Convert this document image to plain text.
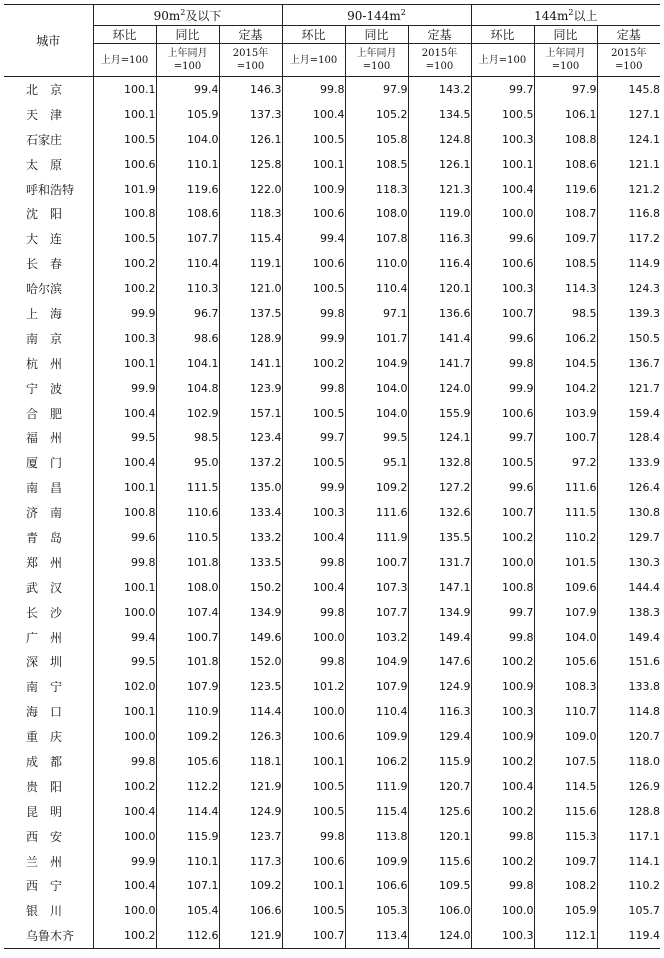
城市	$90m^2$及以下			$90-144m^2$			$144m^2$以上		
	环比	同比	定基	环比	同比	定基	环比	同比	定基
	上月=100	上年同月=100	2015年=100	上月=100	上年同月=100	2015年=100	上月=100	上年同月=100	2015年=100
北　京	100.1	99.4	146.3	99.8	97.9	143.2	99.7	97.9	145.8
天　津	100.1	105.9	137.3	100.4	105.2	134.5	100.5	106.1	127.1
石家庄	100.5	104.0	126.1	100.5	105.8	124.8	100.3	108.8	124.1
太　原	100.6	110.1	125.8	100.1	108.5	126.1	100.1	108.6	121.1
呼和浩特	101.9	119.6	122.0	100.9	118.3	121.3	100.4	119.6	121.2
沈　阳	100.8	108.6	118.3	100.6	108.0	119.0	100.0	108.7	116.8
大　连	100.5	107.7	115.4	99.4	107.8	116.3	99.6	109.7	117.2
长　春	100.2	110.4	119.1	100.6	110.0	116.4	100.6	108.5	114.9
哈尔滨	100.2	110.3	121.0	100.5	110.4	120.1	100.3	114.3	124.3
上　海	99.9	96.7	137.5	99.8	97.1	136.6	100.7	98.5	139.3
南　京	100.3	98.6	128.9	99.9	101.7	141.4	99.6	106.2	150.5
杭　州	100.1	104.1	141.1	100.2	104.9	141.7	99.8	104.5	136.7
宁　波	99.9	104.8	123.9	99.8	104.0	124.0	99.9	104.2	121.7
合　肥	100.4	102.9	157.1	100.5	104.0	155.9	100.6	103.9	159.4
福　州	99.5	98.5	123.4	99.7	99.5	124.1	99.7	100.7	128.4
厦　门	100.4	95.0	137.2	100.5	95.1	132.8	100.5	97.2	133.9
南　昌	100.1	111.5	135.0	99.9	109.2	127.2	99.6	111.6	126.4
济　南	100.8	110.6	133.4	100.3	111.6	132.6	100.7	111.5	130.8
青　岛	99.6	110.5	133.2	100.4	111.9	135.5	100.2	110.2	129.7
郑　州	99.8	101.8	133.5	99.8	100.7	131.7	100.0	101.5	130.3
武　汉	100.1	108.0	150.2	100.4	107.3	147.1	100.8	109.6	144.4
长　沙	100.0	107.4	134.9	99.8	107.7	134.9	99.7	107.9	138.3
广　州	99.4	100.7	149.6	100.0	103.2	149.4	99.8	104.0	149.4
深　圳	99.5	101.8	152.0	99.8	104.9	147.6	100.2	105.6	151.6
南　宁	102.0	107.9	123.5	101.2	107.9	124.9	100.9	108.3	133.8
海　口	100.1	110.9	114.4	100.0	110.4	116.3	100.3	110.7	114.8
重　庆	100.0	109.2	126.3	100.6	109.9	129.4	100.9	109.0	120.7
成　都	99.8	105.6	118.1	100.1	106.2	115.9	100.2	107.5	118.0
贵　阳	100.2	112.2	121.9	100.5	111.9	120.7	100.4	114.5	126.9
昆　明	100.4	114.4	124.9	100.5	115.4	125.6	100.2	115.6	128.8
西　安	100.0	115.9	123.7	99.8	113.8	120.1	99.8	115.3	117.1
兰　州	99.9	110.1	117.3	100.6	109.9	115.6	100.2	109.7	114.1
西　宁	100.4	107.1	109.2	100.1	106.6	109.5	99.8	108.2	110.2
银　川	100.0	105.4	106.6	100.5	105.3	106.0	100.0	105.9	105.7
乌鲁木齐	100.2	112.6	121.9	100.7	113.4	124.0	100.3	112.1	119.4
